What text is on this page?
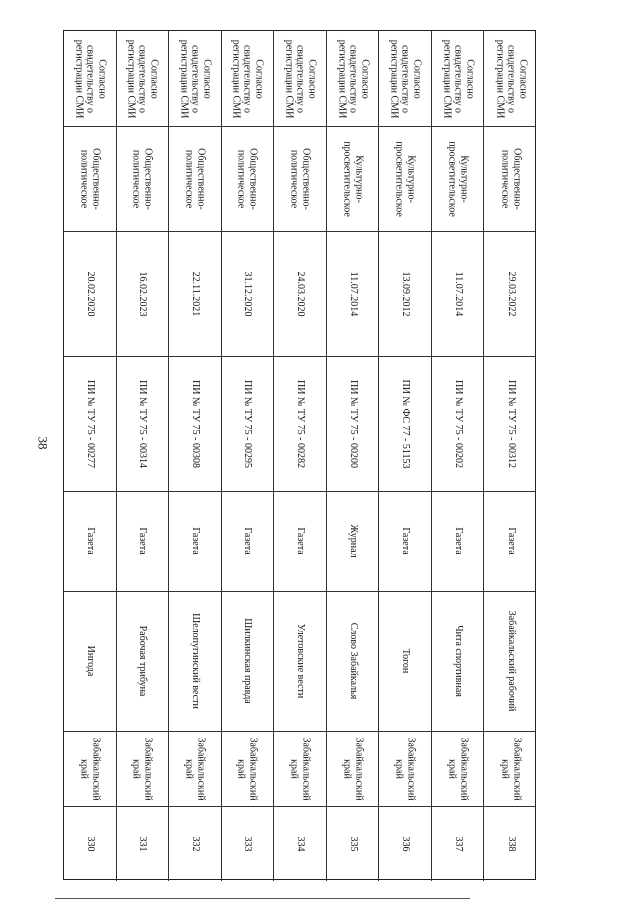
38
Согласно
свидетельству о
регистрации СМИ
Общественно-
политическое
20.02.2020
ПИ № ТУ 75 - 00277
Газета
Ингода
Забайкальский
край
330
Согласно
свидетельству о
регистрации СМИ
Общественно-
политическое
16.02.2023
ПИ № ТУ 75 - 00314
Газета
Рабочая трибуна
Забайкальский
край
331
Согласно
свидетельству о
регистрации СМИ
Общественно-
политическое
22.11.2021
ПИ № ТУ 75 - 00308
Газета
Шелопугинский вести
Забайкальский
край
332
Согласно
свидетельству о
регистрации СМИ
Общественно-
политическое
31.12.2020
ПИ № ТУ 75 - 00295
Газета
Шилкинская правда
Забайкальский
край
333
Согласно
свидетельству о
регистрации СМИ
Общественно-
политическое
24.03.2020
ПИ № ТУ 75 - 00282
Газета
Улетовские вести
Забайкальский
край
334
Согласно
свидетельству о
регистрации СМИ
Культурно-
просветительское
11.07.2014
ПИ № ТУ 75 - 00200
Журнал
Слово Забайкалья
Забайкальский
край
335
Согласно
свидетельству о
регистрации СМИ
Культурно-
просветительское
13.09.2012
ПИ № ФС 77 - 51153
Газета
Тогон
Забайкальский
край
336
Согласно
свидетельству о
регистрации СМИ
Культурно-
просветительское
11.07.2014
ПИ № ТУ 75 - 00202
Газета
Чита спортивная
Забайкальский
край
337
Согласно
свидетельству о
регистрации СМИ
Общественно-
политическое
29.03.2022
ПИ № ТУ 75 - 00312
Газета
Забайкальский рабочий
Забайкальский
край
338
